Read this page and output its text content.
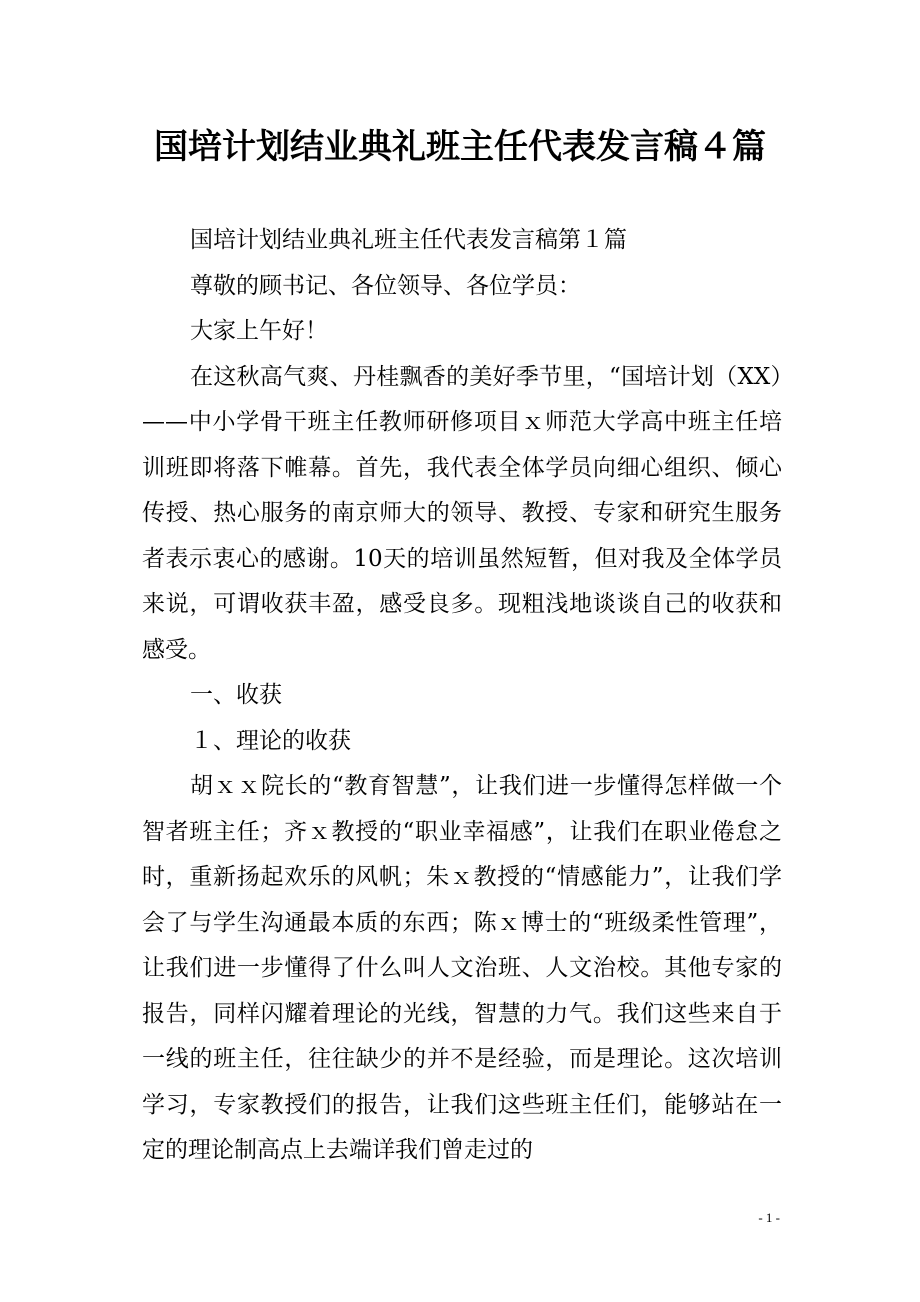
国培计划结业典礼班主任代表发言稿４篇

国培计划结业典礼班主任代表发言稿第１篇

尊敬的顾书记、各位领导、各位学员：

大家上午好！

在这秋高气爽、丹桂飘香的美好季节里，“国培计划（XX）——中小学骨干班主任教师研修项目ｘ师范大学高中班主任培训班即将落下帷幕。首先，我代表全体学员向细心组织、倾心传授、热心服务的南京师大的领导、教授、专家和研究生服务者表示衷心的感谢。10天的培训虽然短暂，但对我及全体学员来说，可谓收获丰盈，感受良多。现粗浅地谈谈自己的收获和感受。

一、收获

１、理论的收获

胡ｘｘ院长的“教育智慧”，让我们进一步懂得怎样做一个智者班主任；齐ｘ教授的“职业幸福感”，让我们在职业倦怠之时，重新扬起欢乐的风帆；朱ｘ教授的“情感能力”，让我们学会了与学生沟通最本质的东西；陈ｘ博士的“班级柔性管理”，让我们进一步懂得了什么叫人文治班、人文治校。其他专家的报告，同样闪耀着理论的光线，智慧的力气。我们这些来自于一线的班主任，往往缺少的并不是经验，而是理论。这次培训学习，专家教授们的报告，让我们这些班主任们，能够站在一定的理论制高点上去端详我们曾走过的

- 1 -
